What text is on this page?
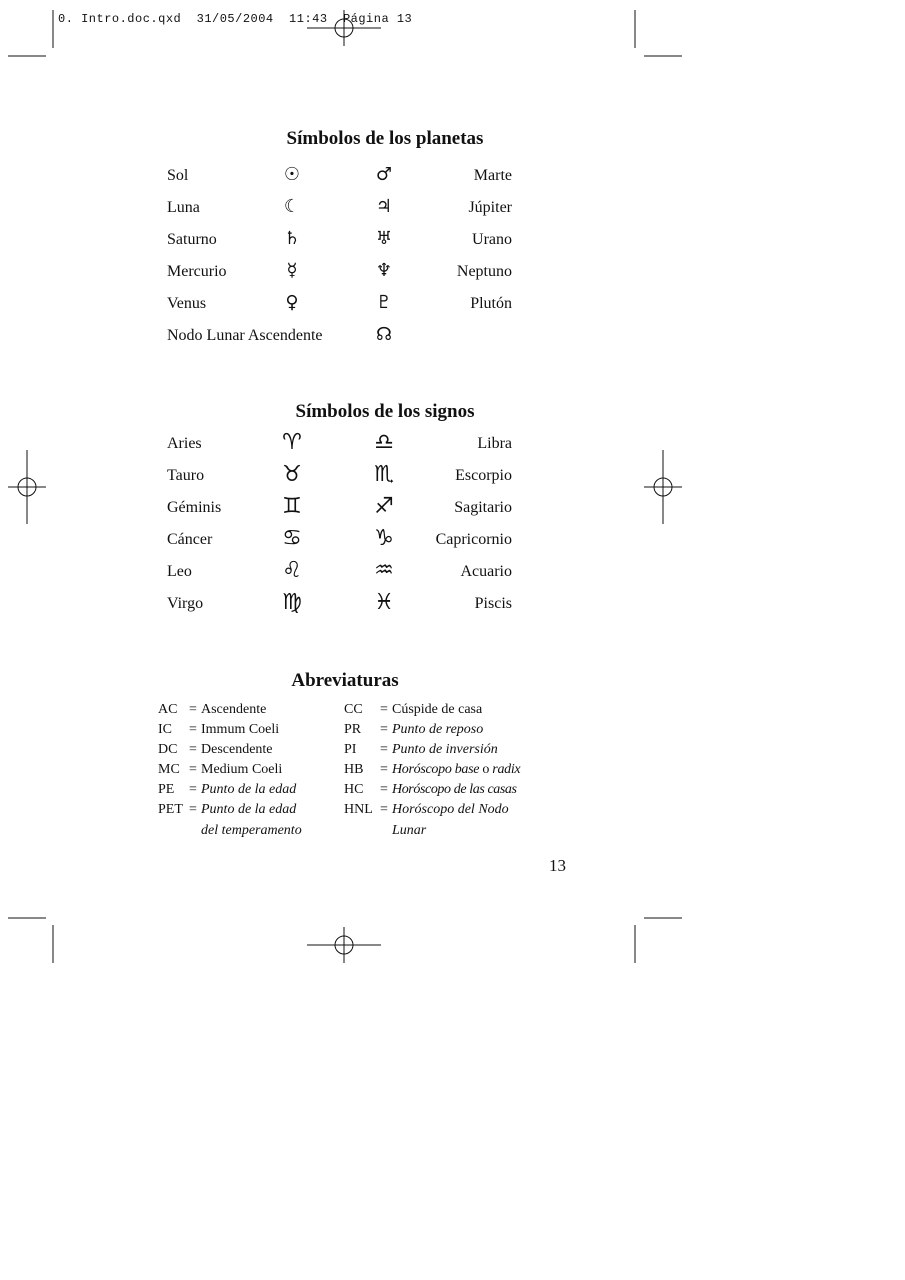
0. Intro.doc.qxd  31/05/2004  11:43  Página 13

Símbolos de los planetas
Sol	☉	♂	Marte
Luna	☾	♃	Júpiter
Saturno	♄	♅	Urano
Mercurio	☿	♆	Neptuno
Venus	♀	♇	Plutón
Nodo Lunar Ascendente	☊
Símbolos de los signos
Aries	♈	♎	Libra
Tauro	♉	♏	Escorpio
Géminis	♊	♐	Sagitario
Cáncer	♋	♑	Capricornio
Leo	♌	♒	Acuario
Virgo	♍	♓	Piscis
Abreviaturas
AC = Ascendente
IC = Immum Coeli
DC = Descendente
MC = Medium Coeli
PE = Punto de la edad
PET = Punto de la edad
del temperamento
CC = Cúspide de casa
PR = Punto de reposo
PI = Punto de inversión
HB = Horóscopo base o radix
HC = Horóscopo de las casas
HNL = Horóscopo del Nodo
Lunar
13
